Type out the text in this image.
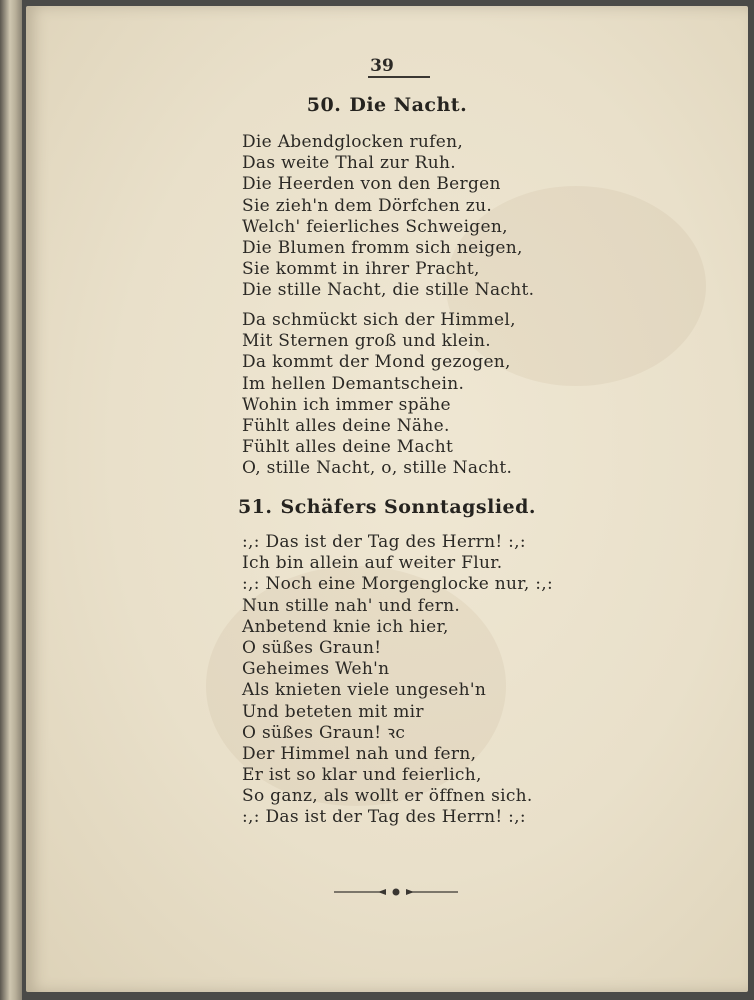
39
50. Die Nacht.
Die Abendglocken rufen,
Das weite Thal zur Ruh.
Die Heerden von den Bergen
Sie zieh'n dem Dörfchen zu.
Welch' feierliches Schweigen,
Die Blumen fromm sich neigen,
Sie kommt in ihrer Pracht,
Die stille Nacht, die stille Nacht.
Da schmückt sich der Himmel,
Mit Sternen groß und klein.
Da kommt der Mond gezogen,
Im hellen Demantschein.
Wohin ich immer spähe
Fühlt alles deine Nähe.
Fühlt alles deine Macht
O, stille Nacht, o, stille Nacht.
51. Schäfers Sonntagslied.
:,: Das ist der Tag des Herrn! :,:
Ich bin allein auf weiter Flur.
:,: Noch eine Morgenglocke nur, :,:
Nun stille nah' und fern.
Anbetend knie ich hier,
O süßes Graun!
Geheimes Weh'n
Als knieten viele ungeseh'n
Und beteten mit mir
O süßes Graun! ꝛc
Der Himmel nah und fern,
Er ist so klar und feierlich,
So ganz, als wollt er öffnen sich.
:,: Das ist der Tag des Herrn! :,:
